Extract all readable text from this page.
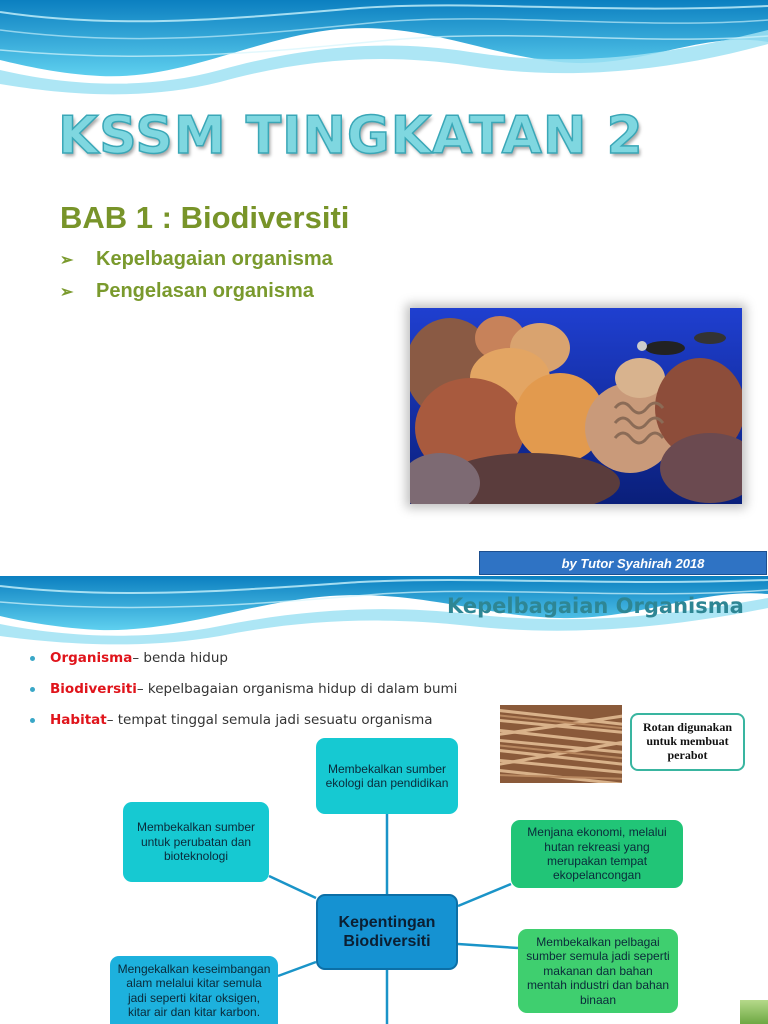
KSSM TINGKATAN 2
BAB 1 : Biodiversiti
➢	Kepelbagaian organisma
➢	Pengelasan organisma
by Tutor Syahirah 2018
Kepelbagaian Organisma
Organisma – benda hidup
Biodiversiti – kepelbagaian organisma hidup di dalam bumi
Habitat – tempat tinggal semula jadi sesuatu organisma	Rotan digunakan untuk membuat perabot
Membekalkan sumber ekologi dan pendidikan
Membekalkan sumber untuk perubatan dan bioteknologi
Menjana ekonomi, melalui hutan rekreasi yang merupakan tempat ekopelancongan
Kepentingan Biodiversiti
Mengekalkan keseimbangan alam melalui kitar semula jadi seperti kitar oksigen, kitar air dan kitar karbon.
Membekalkan pelbagai sumber semula jadi seperti makanan dan bahan mentah industri dan bahan binaan
